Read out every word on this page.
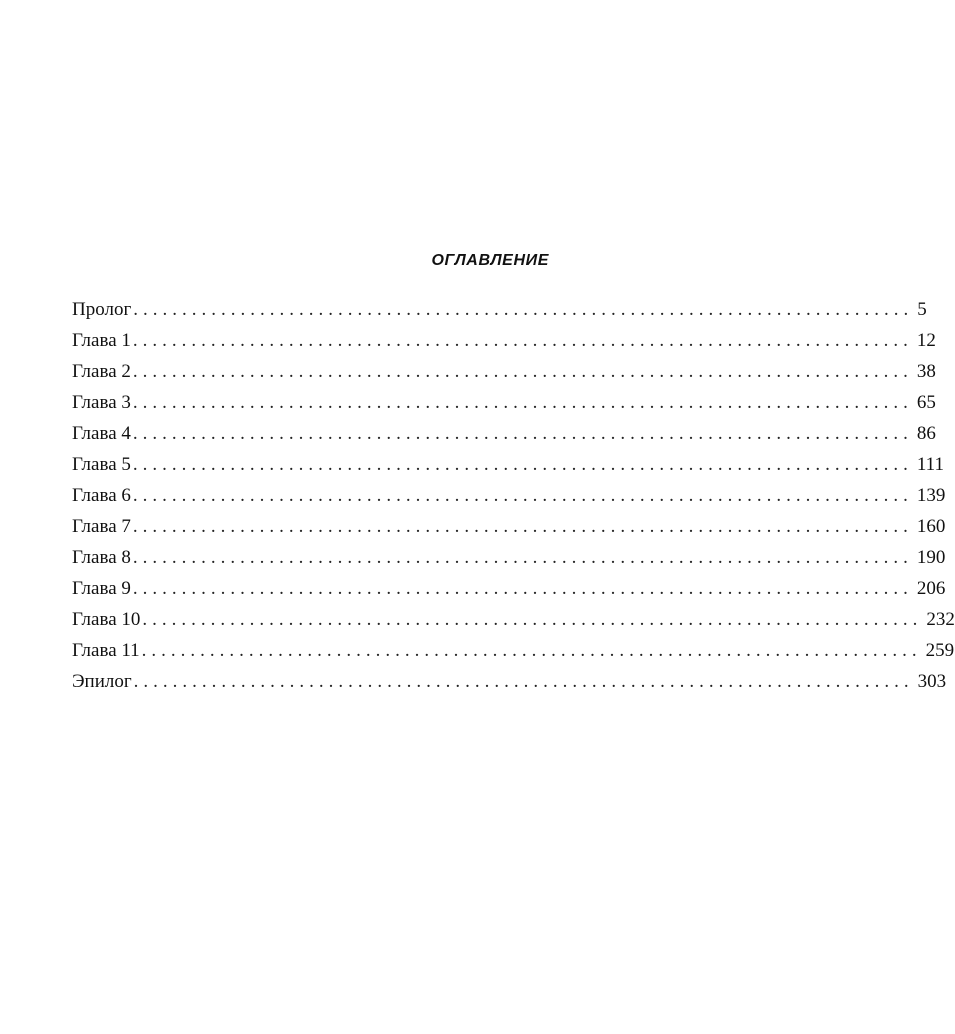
ОГЛАВЛЕНИЕ
Пролог ................................................................................ 5
Глава 1 ................................................................................ 12
Глава 2 ................................................................................ 38
Глава 3 ................................................................................ 65
Глава 4 ................................................................................ 86
Глава 5 ................................................................................ 111
Глава 6 ................................................................................ 139
Глава 7 ................................................................................ 160
Глава 8 ................................................................................ 190
Глава 9 ................................................................................ 206
Глава 10 ................................................................................ 232
Глава 11 ................................................................................ 259
Эпилог ................................................................................ 303
